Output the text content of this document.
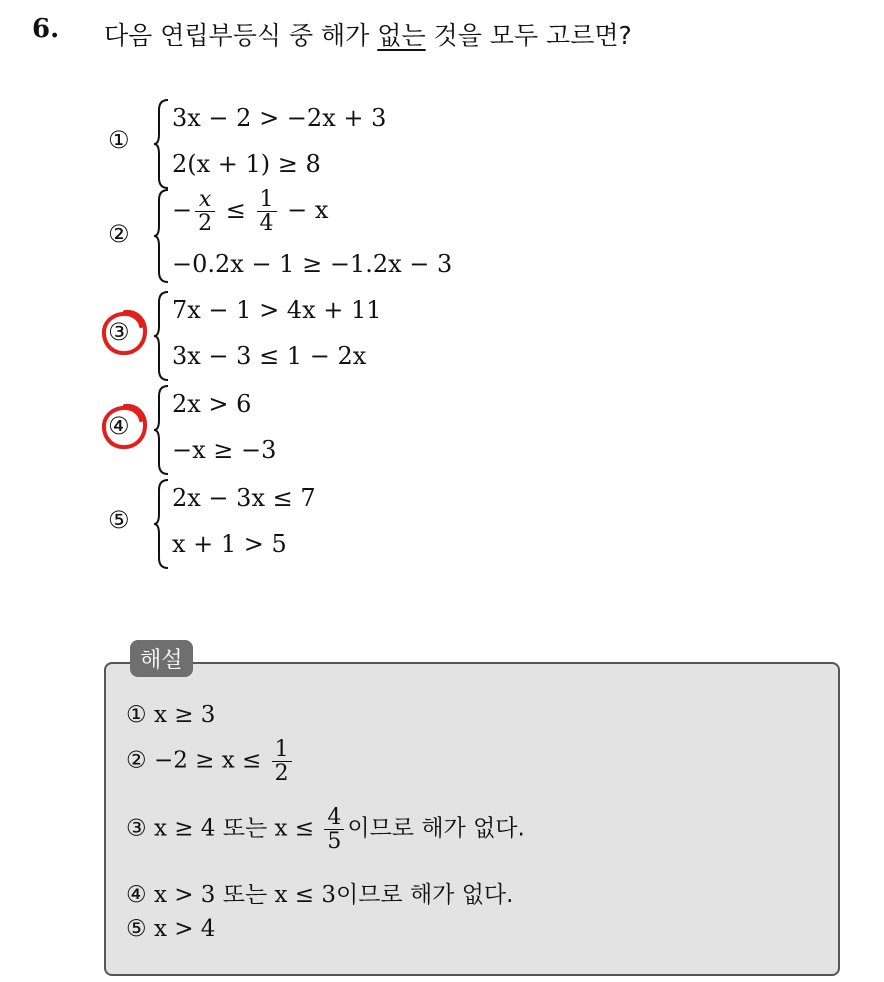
6. 다음 연립부등식 중 해가 없는 것을 모두 고르면?
①
3x − 2 > −2x + 3
2(x + 1) ≥ 8
②
− $\frac{x}{2} \le \frac{1}{4} - x$
−0.2x − 1 ≥ −1.2x − 3
③
7x − 1 > 4x + 11
3x − 3 ≤ 1 − 2x
④
2x > 6
−x ≥ −3
⑤
2x − 3x ≤ 7
x + 1 > 5
해설
① x ≥ 3
② $-2 \ge x \le \frac{1}{2}$
③ x ≥ 4 또는 $x \le \frac{4}{5}$ 이므로 해가 없다.
④ x > 3 또는 x ≤ 3이므로 해가 없다.
⑤ x > 4
